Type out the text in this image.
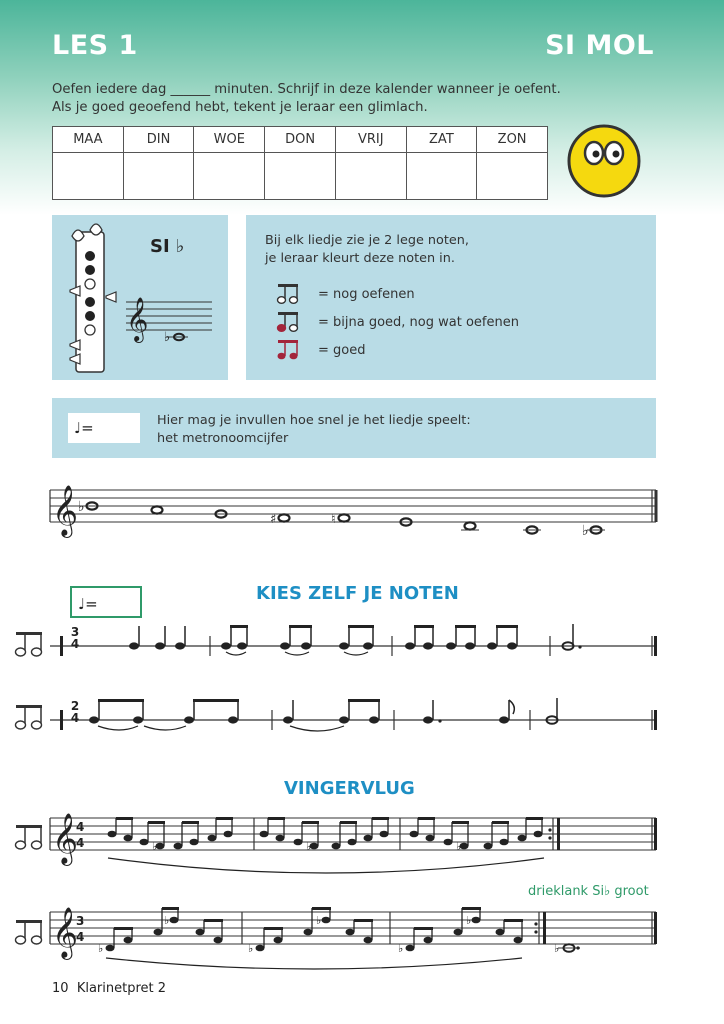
LES 1	SI MOL
Oefen iedere dag ______ minuten. Schrijf in deze kalender wanneer je oefent.
Als je goed geoefend hebt, tekent je leraar een glimlach.
MAA	DIN	WOE	DON	VRIJ	ZAT	ZON

SI ♭
𝄞 ♭
Bij elk liedje zie je 2 lege noten,
je leraar kleurt deze noten in.
= nog oefenen
= bijna goed, nog wat oefenen
= goed
♩=	Hier mag je invullen hoe snel je het liedje speelt:
het metronoomcijfer
𝄞 ♭
♯	♮
♭
♩=	KIES ZELF JE NOTEN
3
4
2
4
VINGERVLUG
𝄞	♭	♭	♭
4
4
drieklank Si♭ groot
𝄞 ♭
♭
♭
♭
♭
♭
♭
3
4
10 Klarinetpret 2
